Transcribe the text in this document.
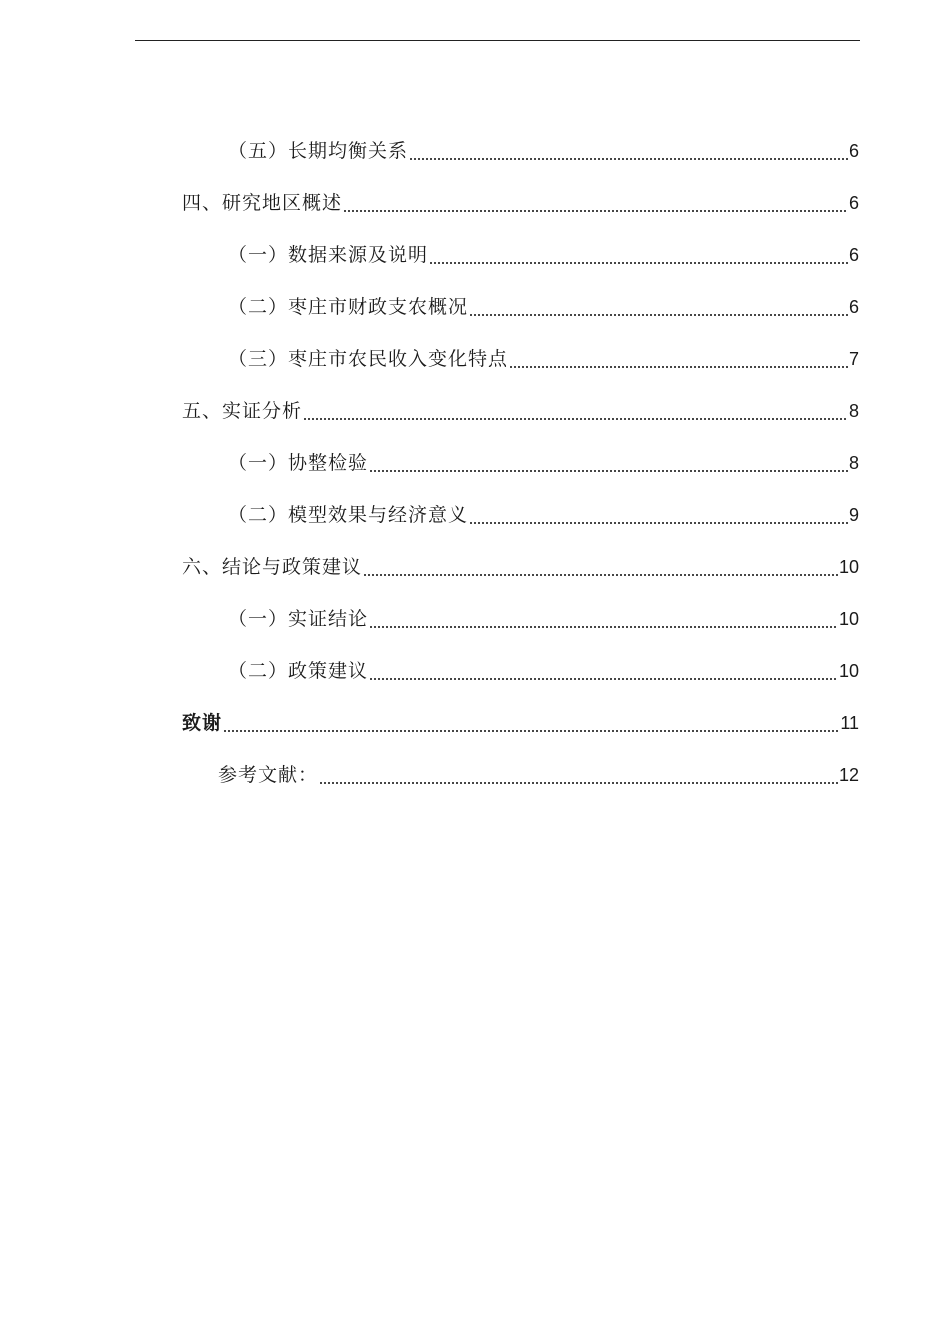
（五）长期均衡关系	6
四、研究地区概述	6
（一）数据来源及说明	6
（二）枣庄市财政支农概况	6
（三）枣庄市农民收入变化特点	7
五、实证分析	8
（一）协整检验	8
（二）模型效果与经济意义	9
六、结论与政策建议	10
（一）实证结论	10
（二）政策建议	10
致谢	11
参考文献：	12
